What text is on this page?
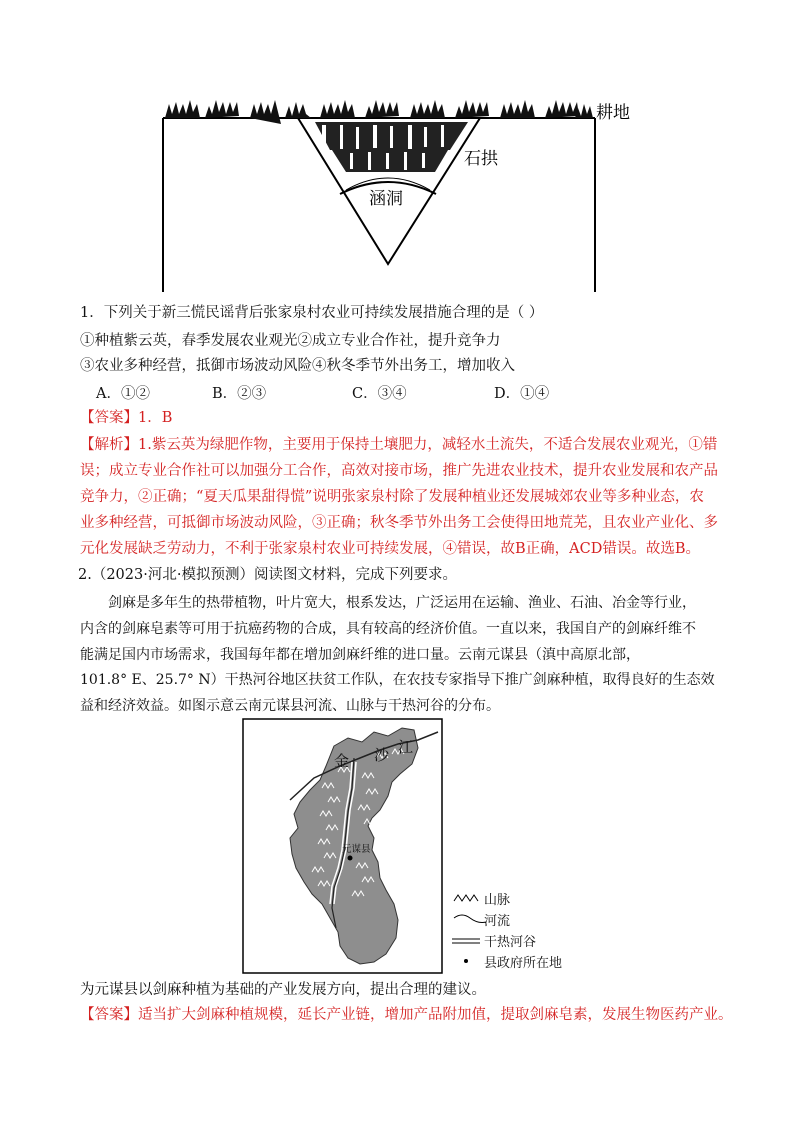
耕地
石拱
涵洞
1．下列关于新三慌民谣背后张家泉村农业可持续发展措施合理的是（ ）
①种植紫云英，春季发展农业观光②成立专业合作社，提升竞争力
③农业多种经营，抵御市场波动风险④秋冬季节外出务工，增加收入
A．①②	B．②③	C．③④	D．①④
【答案】1．B
【解析】1.紫云英为绿肥作物，主要用于保持土壤肥力，减轻水土流失，不适合发展农业观光，①错
误；成立专业合作社可以加强分工合作，高效对接市场，推广先进农业技术，提升农业发展和农产品
竞争力，②正确；“夏天瓜果甜得慌”说明张家泉村除了发展种植业还发展城郊农业等多种业态，农
业多种经营，可抵御市场波动风险，③正确；秋冬季节外出务工会使得田地荒芜，且农业产业化、多
元化发展缺乏劳动力，不利于张家泉村农业可持续发展，④错误，故B正确，ACD错误。故选B。
2.（2023·河北·模拟预测）阅读图文材料，完成下列要求。
剑麻是多年生的热带植物，叶片宽大，根系发达，广泛运用在运输、渔业、石油、冶金等行业，
内含的剑麻皂素等可用于抗癌药物的合成，具有较高的经济价值。一直以来，我国自产的剑麻纤维不
能满足国内市场需求，我国每年都在增加剑麻纤维的进口量。云南元谋县（滇中高原北部，
101.8° E、25.7° N）干热河谷地区扶贫工作队，在农技专家指导下推广剑麻种植，取得良好的生态效
益和经济效益。如图示意云南元谋县河流、山脉与干热河谷的分布。
元谋县
金 沙 江
山脉
河流
干热河谷
县政府所在地
为元谋县以剑麻种植为基础的产业发展方向，提出合理的建议。
【答案】适当扩大剑麻种植规模，延长产业链，增加产品附加值，提取剑麻皂素，发展生物医药产业。
